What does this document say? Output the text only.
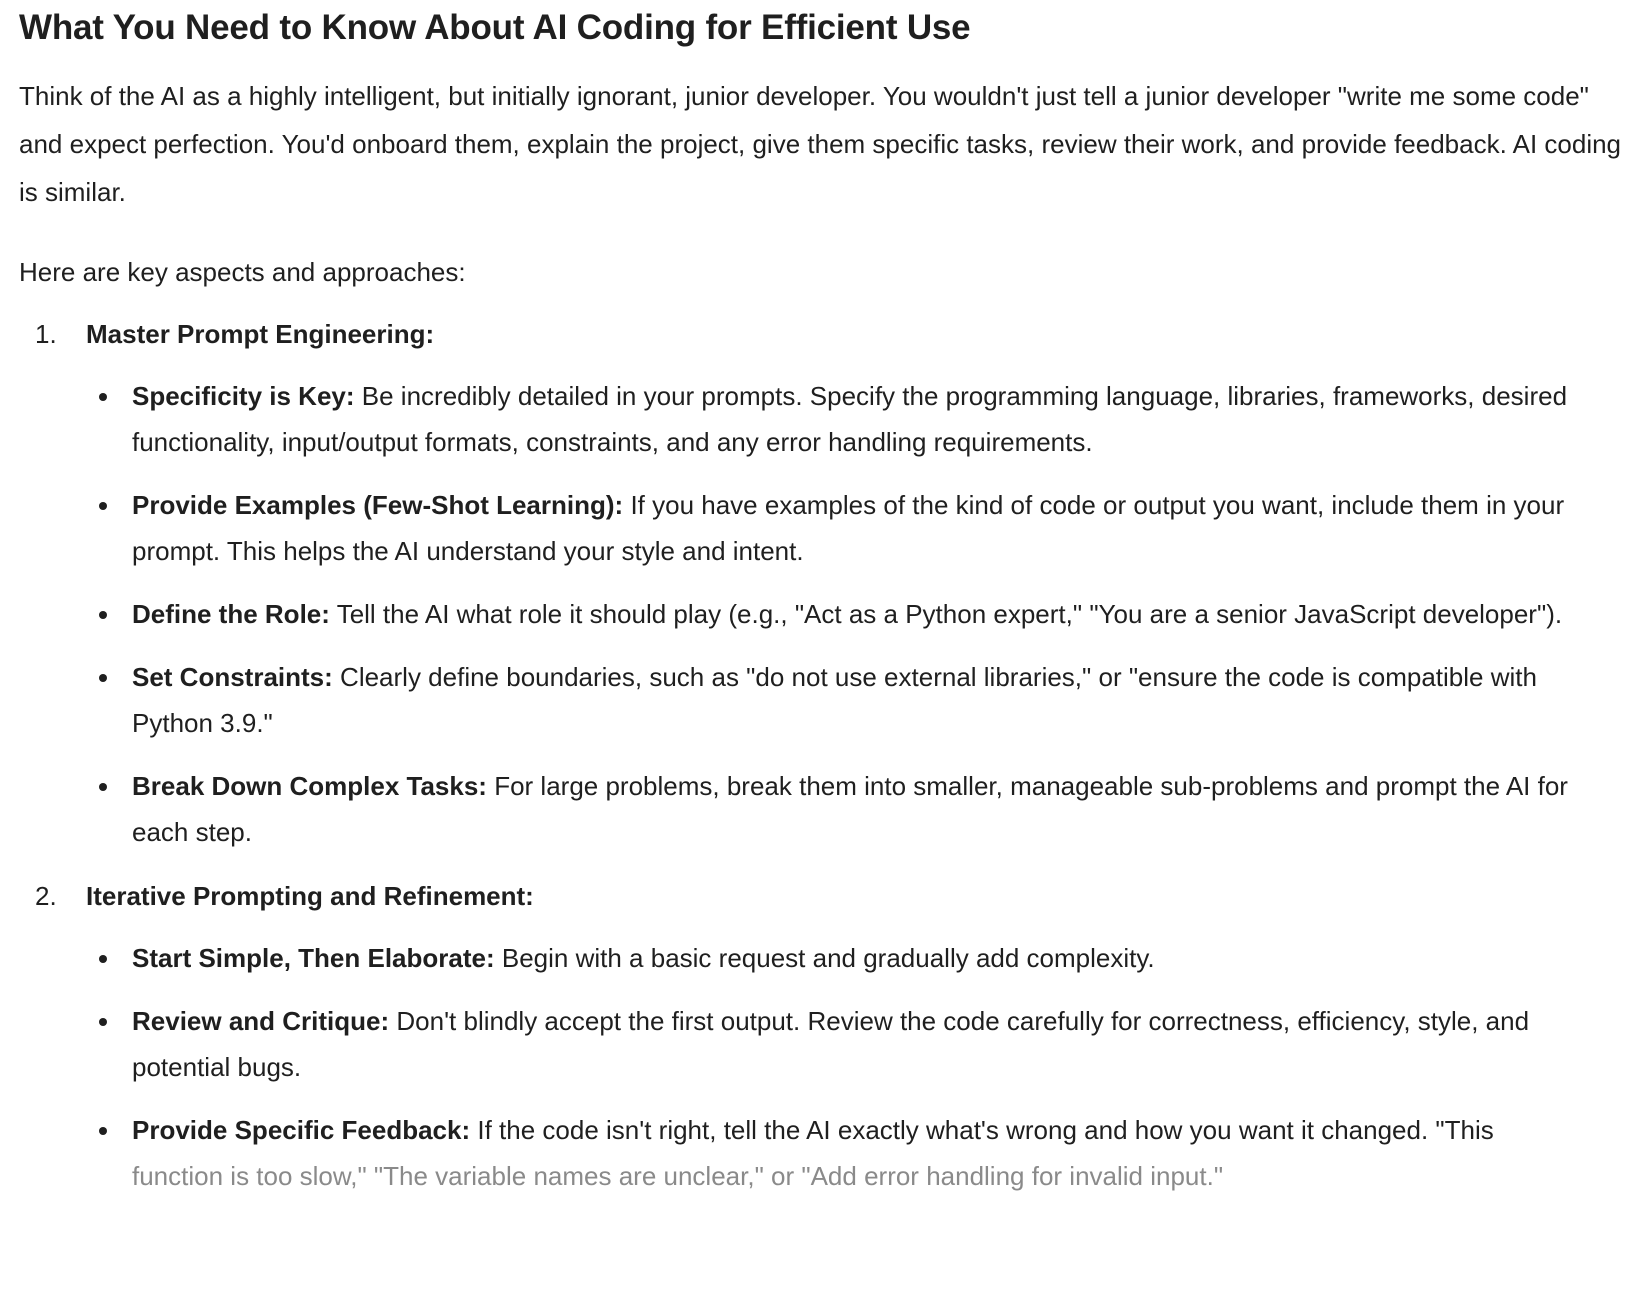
What You Need to Know About AI Coding for Efficient Use

Think of the AI as a highly intelligent, but initially ignorant, junior developer. You wouldn't just tell a junior developer "write me some code" and expect perfection. You'd onboard them, explain the project, give them specific tasks, review their work, and provide feedback. AI coding is similar.

Here are key aspects and approaches:

1. Master Prompt Engineering:
Specificity is Key: Be incredibly detailed in your prompts. Specify the programming language, libraries, frameworks, desired functionality, input/output formats, constraints, and any error handling requirements.
Provide Examples (Few-Shot Learning): If you have examples of the kind of code or output you want, include them in your prompt. This helps the AI understand your style and intent.
Define the Role: Tell the AI what role it should play (e.g., "Act as a Python expert," "You are a senior JavaScript developer").
Set Constraints: Clearly define boundaries, such as "do not use external libraries," or "ensure the code is compatible with Python 3.9."
Break Down Complex Tasks: For large problems, break them into smaller, manageable sub-problems and prompt the AI for each step.
2. Iterative Prompting and Refinement:
Start Simple, Then Elaborate: Begin with a basic request and gradually add complexity.
Review and Critique: Don't blindly accept the first output. Review the code carefully for correctness, efficiency, style, and potential bugs.
Provide Specific Feedback: If the code isn't right, tell the AI exactly what's wrong and how you want it changed. "This function is too slow," "The variable names are unclear," or "Add error handling for invalid input."
